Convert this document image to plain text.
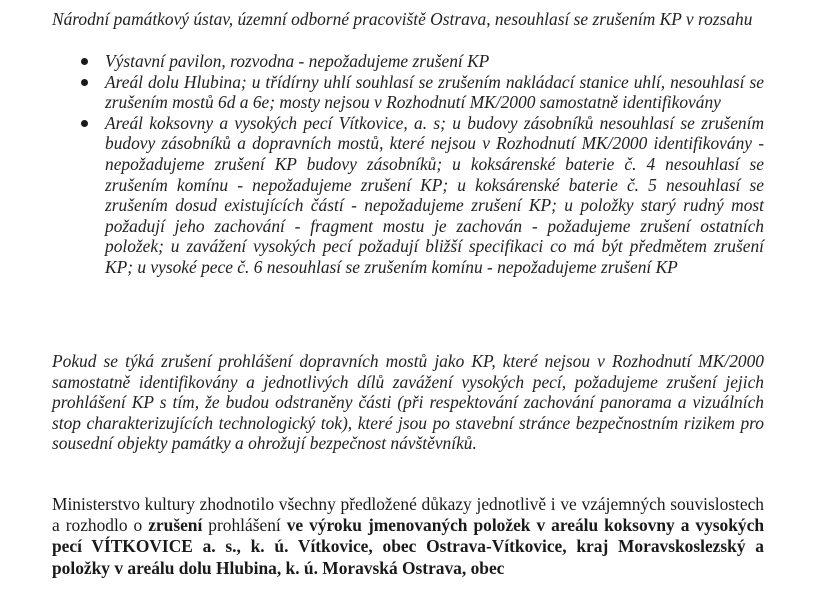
Národní památkový ústav, územní odborné pracoviště Ostrava, nesouhlasí se zrušením KP v rozsahu

Výstavní pavilon, rozvodna - nepožadujeme zrušení KP
Areál dolu Hlubina; u třídírny uhlí souhlasí se zrušením nakládací stanice uhlí, nesouhlasí se zrušením mostů 6d a 6e; mosty nejsou v Rozhodnutí MK/2000 samostatně identifikovány
Areál koksovny a vysokých pecí Vítkovice, a. s; u budovy zásobníků nesouhlasí se zrušením budovy zásobníků a dopravních mostů, které nejsou v Rozhodnutí MK/2000 identifikovány - nepožadujeme zrušení KP budovy zásobníků; u koksárenské baterie č. 4 nesouhlasí se zrušením komínu - nepožadujeme zrušení KP; u koksárenské baterie č. 5 nesouhlasí se zrušením dosud existujících částí - nepožadujeme zrušení KP; u položky starý rudný most požadují jeho zachování - fragment mostu je zachován - požadujeme zrušení ostatních položek; u zavážení vysokých pecí požadují bližší specifikaci co má být předmětem zrušení KP; u vysoké pece č. 6 nesouhlasí se zrušením komínu - nepožadujeme zrušení KP

Pokud se týká zrušení prohlášení dopravních mostů jako KP, které nejsou v Rozhodnutí MK/2000 samostatně identifikovány a jednotlivých dílů zavážení vysokých pecí, požadujeme zrušení jejich prohlášení KP s tím, že budou odstraněny části (při respektování zachování panorama a vizuálních stop charakterizujících technologický tok), které jsou po stavební stránce bezpečnostním rizikem pro sousední objekty památky a ohrožují bezpečnost návštěvníků.

Ministerstvo kultury zhodnotilo všechny předložené důkazy jednotlivě i ve vzájemných souvislostech a rozhodlo o zrušení prohlášení ve výroku jmenovaných položek v areálu koksovny a vysokých pecí VÍTKOVICE a. s., k. ú. Vítkovice, obec Ostrava-Vítkovice, kraj Moravskoslezský a položky v areálu dolu Hlubina, k. ú. Moravská Ostrava, obec
